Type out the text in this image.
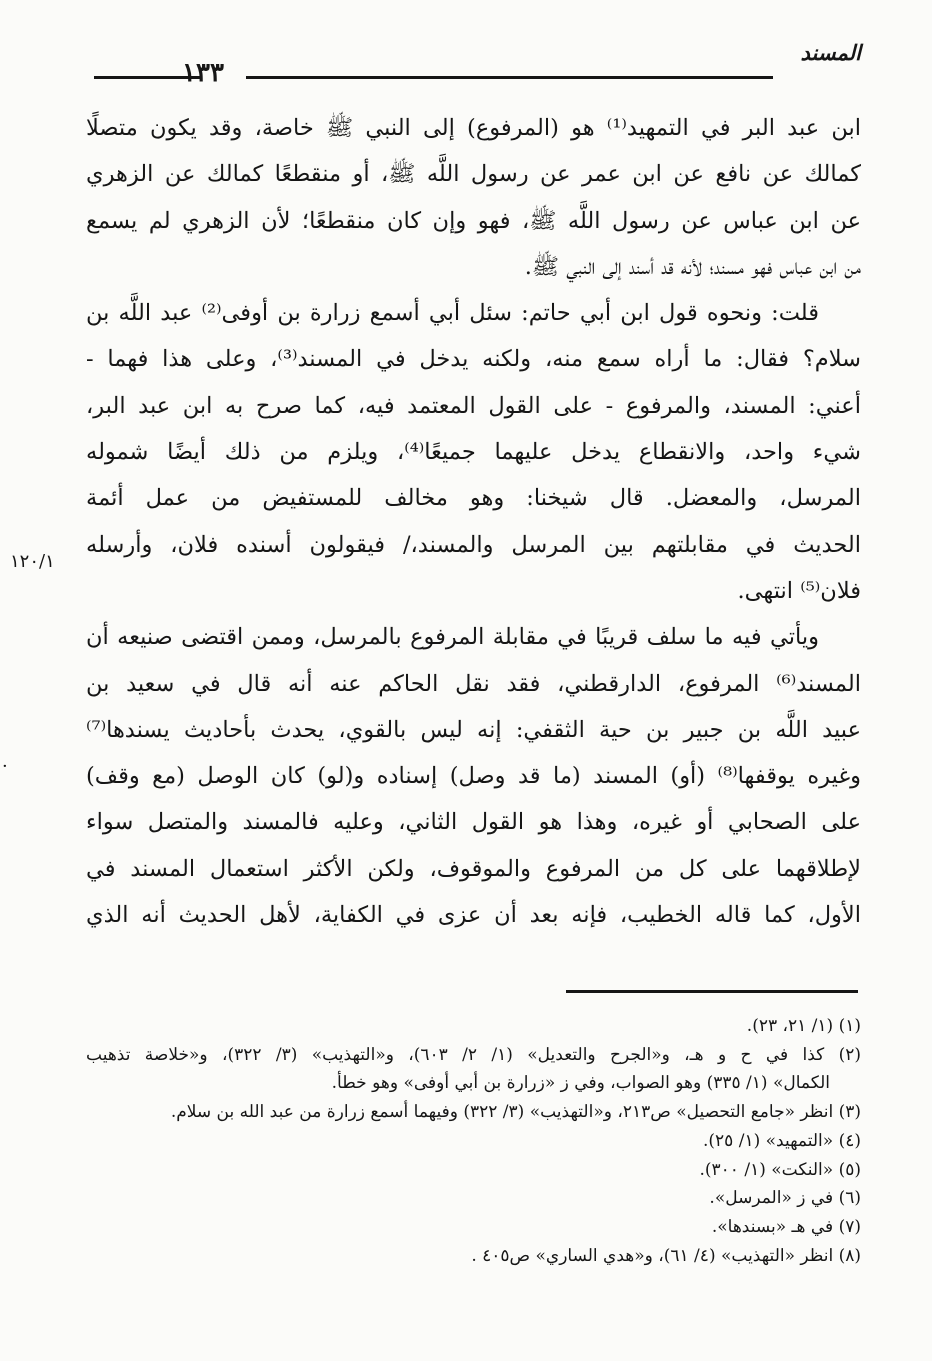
المسند
١٣٣
ابن عبد البر في التمهيد⁽¹⁾ هو (المرفوع) إلى النبي ﷺ خاصة، وقد يكون متصلًا
كمالك عن نافع عن ابن عمر عن رسول اللَّه ﷺ، أو منقطعًا كمالك عن الزهري
عن ابن عباس عن رسول اللَّه ﷺ، فهو وإن كان منقطعًا؛ لأن الزهري لم يسمع
من ابن عباس فهو مسند؛ لأنه قد أسند إلى النبي ﷺ.
قلت: ونحوه قول ابن أبي حاتم: سئل أبي أسمع زرارة بن أوفى⁽²⁾ عبد اللَّه بن
سلام؟ فقال: ما أراه سمع منه، ولكنه يدخل في المسند⁽³⁾، وعلى هذا فهما -
أعني: المسند، والمرفوع - على القول المعتمد فيه، كما صرح به ابن عبد البر،
شيء واحد، والانقطاع يدخل عليهما جميعًا⁽⁴⁾، ويلزم من ذلك أيضًا شموله
المرسل، والمعضل. قال شيخنا: وهو مخالف للمستفيض من عمل أئمة
الحديث في مقابلتهم بين المرسل والمسند،/ فيقولون أسنده فلان، وأرسله
فلان⁽⁵⁾ انتهى.
ويأتي فيه ما سلف قريبًا في مقابلة المرفوع بالمرسل، وممن اقتضى صنيعه أن
المسند⁽⁶⁾ المرفوع، الدارقطني، فقد نقل الحاكم عنه أنه قال في سعيد بن
عبيد اللَّه بن جبير بن حية الثقفي: إنه ليس بالقوي، يحدث بأحاديث يسندها⁽⁷⁾
وغيره يوقفها⁽⁸⁾ (أو) المسند (ما قد وصل) إسناده و(لو) كان الوصل (مع وقف)
على الصحابي أو غيره، وهذا هو القول الثاني، وعليه فالمسند والمتصل سواء
لإطلاقهما على كل من المرفوع والموقوف، ولكن الأكثر استعمال المسند في
الأول، كما قاله الخطيب، فإنه بعد أن عزى في الكفاية، لأهل الحديث أنه الذي
١٢٠/١
·
(١) (١/ ٢١، ٢٣).
(٢) كذا في ح و هـ، و«الجرح والتعديل» (١/ ٢/ ٦٠٣)، و«التهذيب» (٣/ ٣٢٢)، و«خلاصة تذهيب
الكمال» (١/ ٣٣٥) وهو الصواب، وفي ز «زرارة بن أبي أوفى» وهو خطأ.
(٣) انظر «جامع التحصيل» ص٢١٣، و«التهذيب» (٣/ ٣٢٢) وفيهما أسمع زرارة من عبد الله بن سلام.
(٤) «التمهيد» (١/ ٢٥).
(٥) «النكت» (١/ ٣٠٠).
(٦) في ز «المرسل».
(٧) في هـ «بسندها».
(٨) انظر «التهذيب» (٤/ ٦١)، و«هدي الساري» ص٤٠٥ .
